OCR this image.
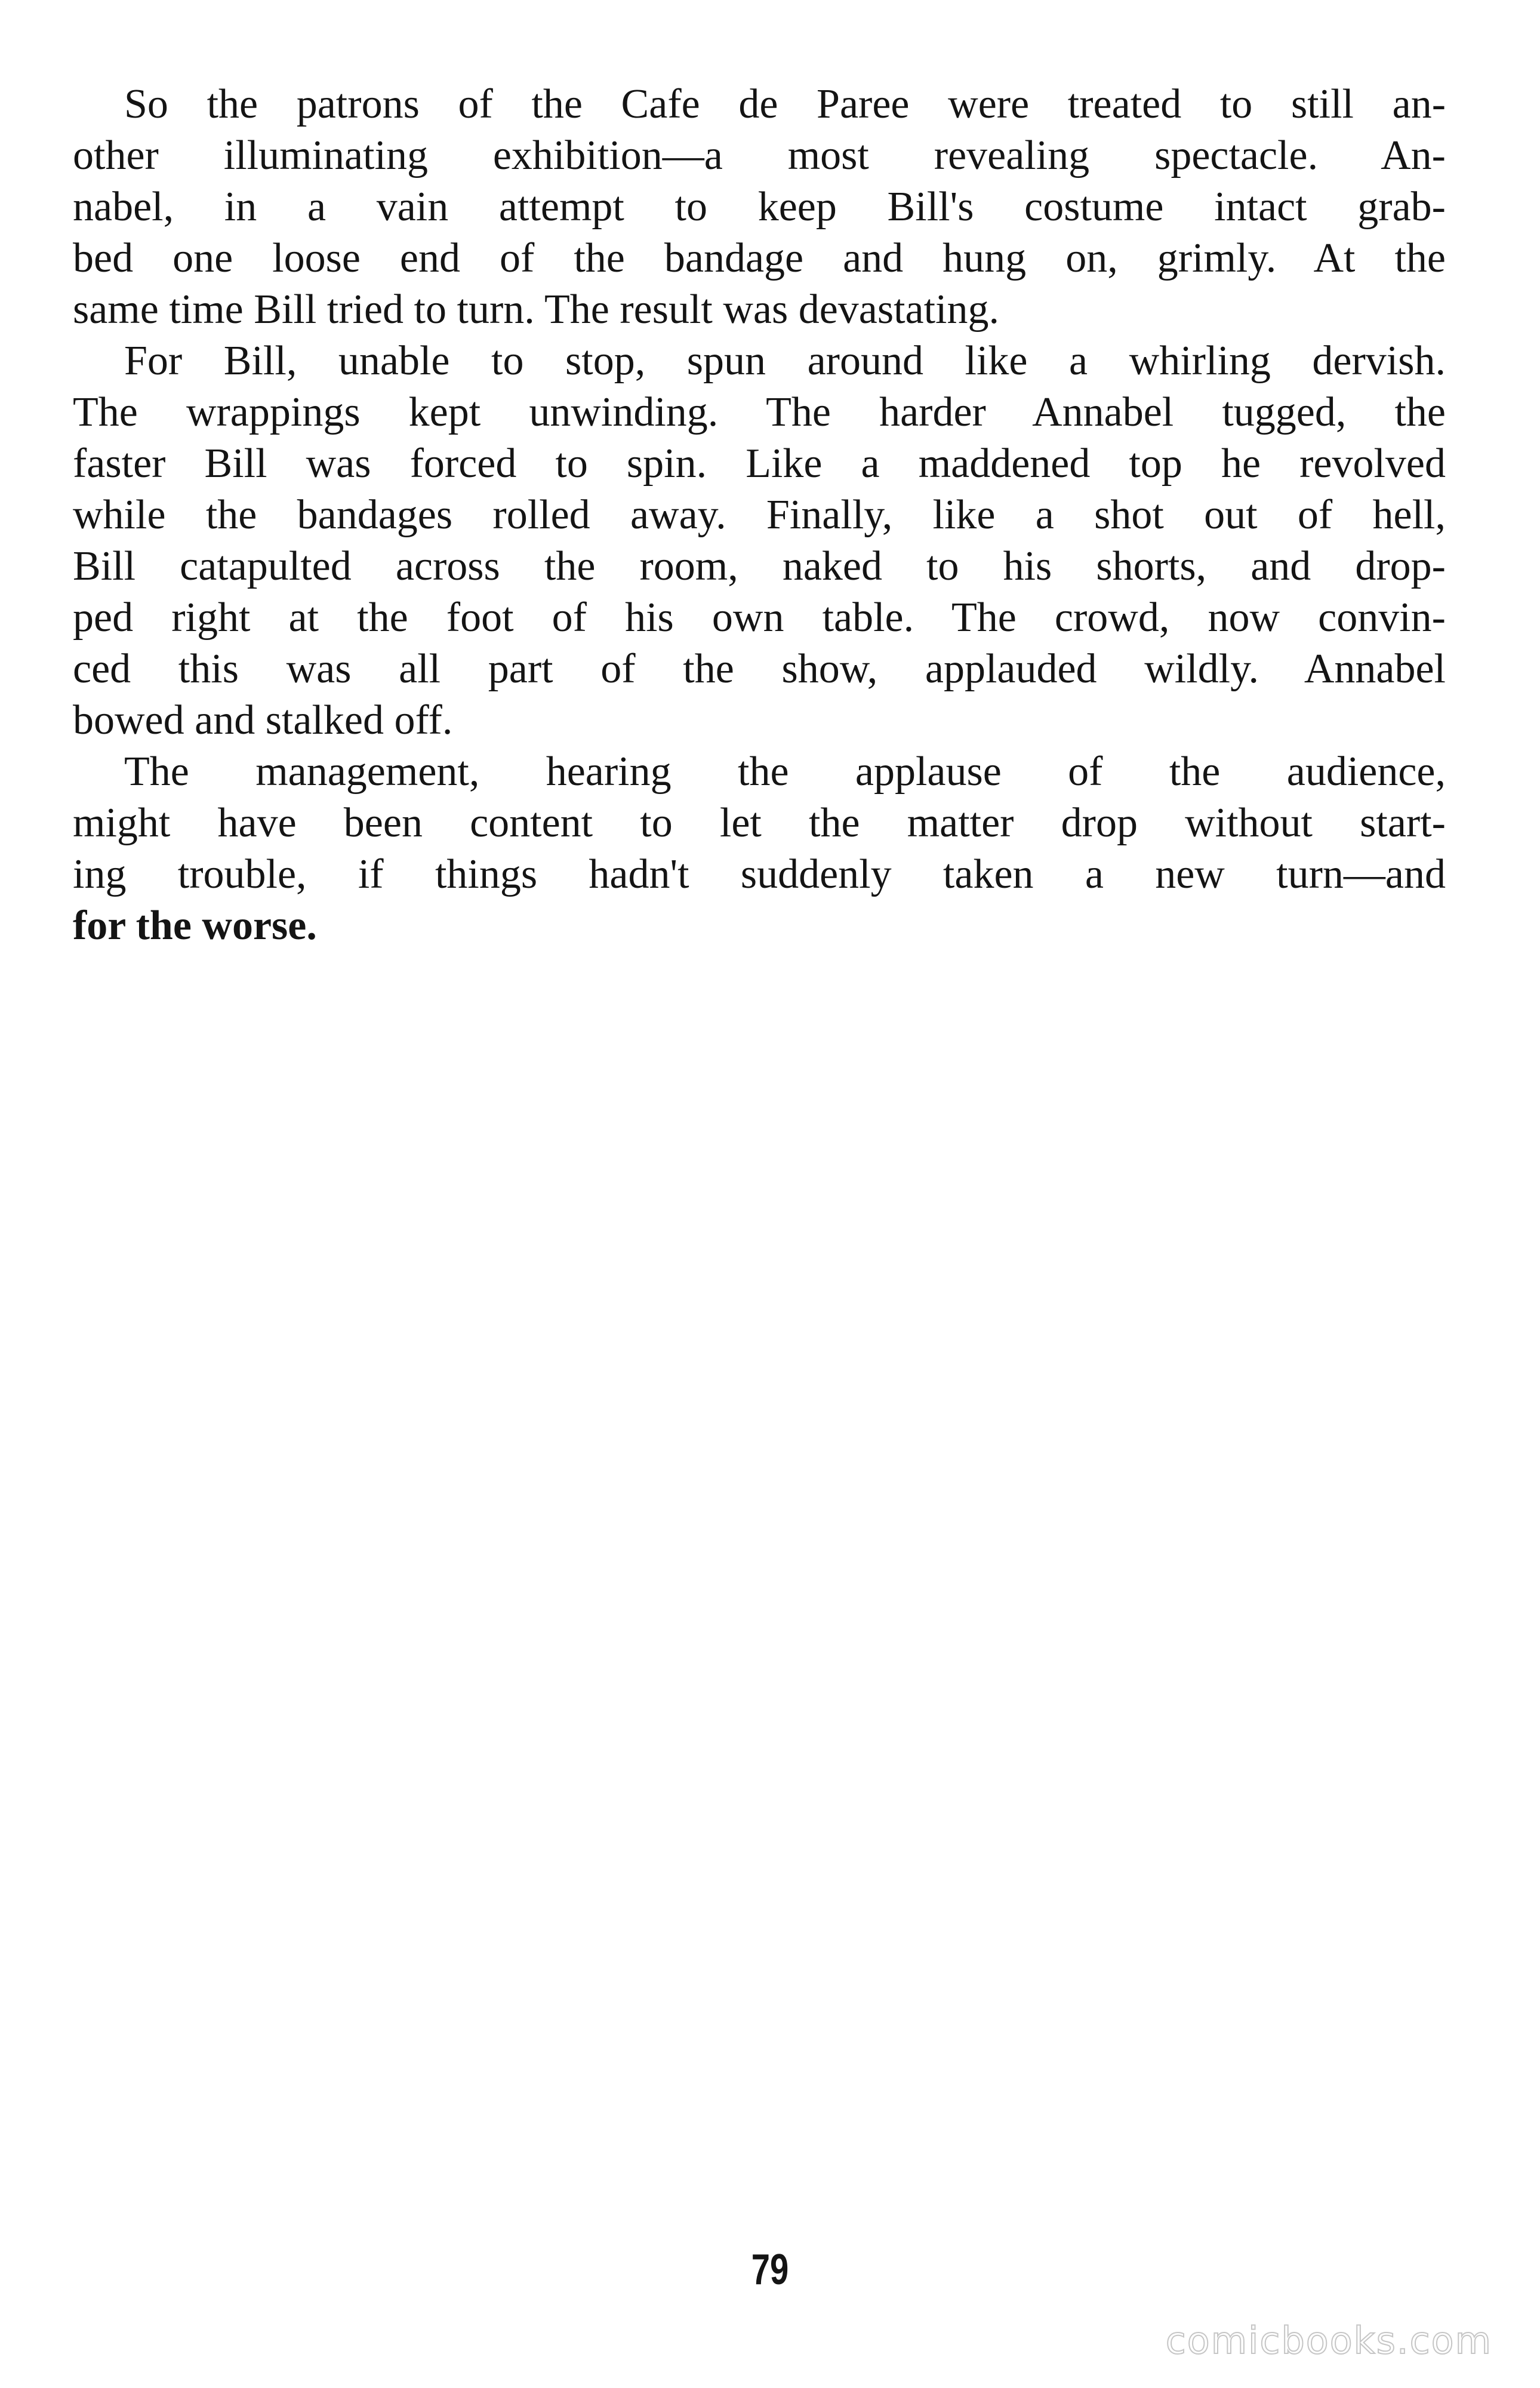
So the patrons of the Cafe de Paree were treated to still an-
other illuminating exhibition—a most revealing spectacle. An-
nabel, in a vain attempt to keep Bill's costume intact grab-
bed one loose end of the bandage and hung on, grimly. At the
same time Bill tried to turn. The result was devastating.
For Bill, unable to stop, spun around like a whirling dervish.
The wrappings kept unwinding. The harder Annabel tugged, the
faster Bill was forced to spin. Like a maddened top he revolved
while the bandages rolled away. Finally, like a shot out of hell,
Bill catapulted across the room, naked to his shorts, and drop-
ped right at the foot of his own table. The crowd, now convin-
ced this was all part of the show, applauded wildly. Annabel
bowed and stalked off.
The management, hearing the applause of the audience,
might have been content to let the matter drop without start-
ing trouble, if things hadn't suddenly taken a new turn—and
for the worse.
79
comicbooks.com
